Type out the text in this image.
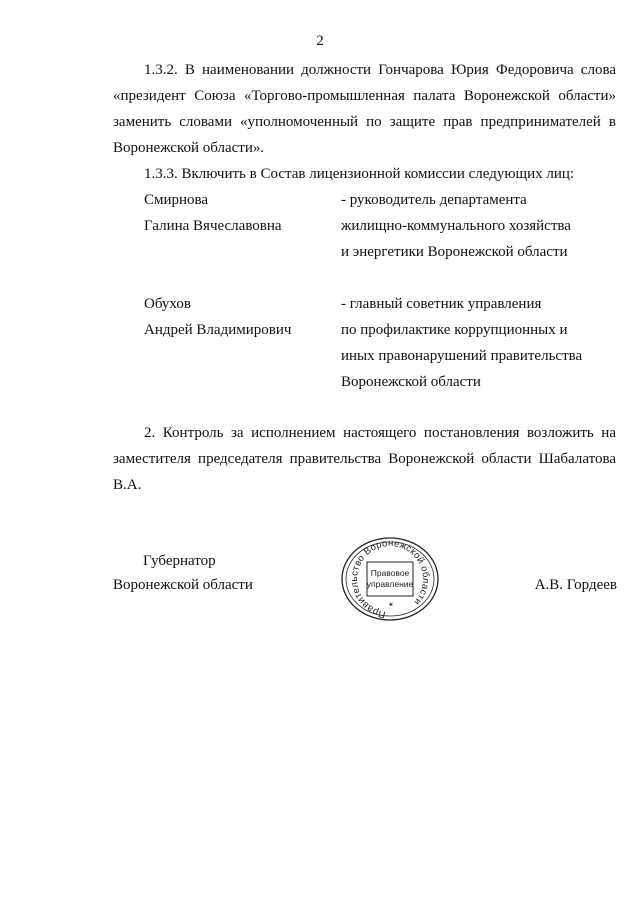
2

1.3.2. В наименовании должности Гончарова Юрия Федоровича слова «президент Союза «Торгово-промышленная палата Воронежской области» заменить словами «уполномоченный по защите прав предпринимателей в Воронежской области».

1.3.3. Включить в Состав лицензионной комиссии следующих лиц:

Смирнова
Галина Вячеславовна
- руководитель департамента
жилищно-коммунального хозяйства
и энергетики Воронежской области
Обухов
Андрей Владимирович
- главный советник управления
по профилактике коррупционных и
иных правонарушений правительства
Воронежской области

2. Контроль за исполнением настоящего постановления возложить на заместителя председателя правительства Воронежской области Шабалатова В.А.

Губернатор
Воронежской области
Правительство Воронежской области
Правовое
управление
✶
А.В. Гордеев
